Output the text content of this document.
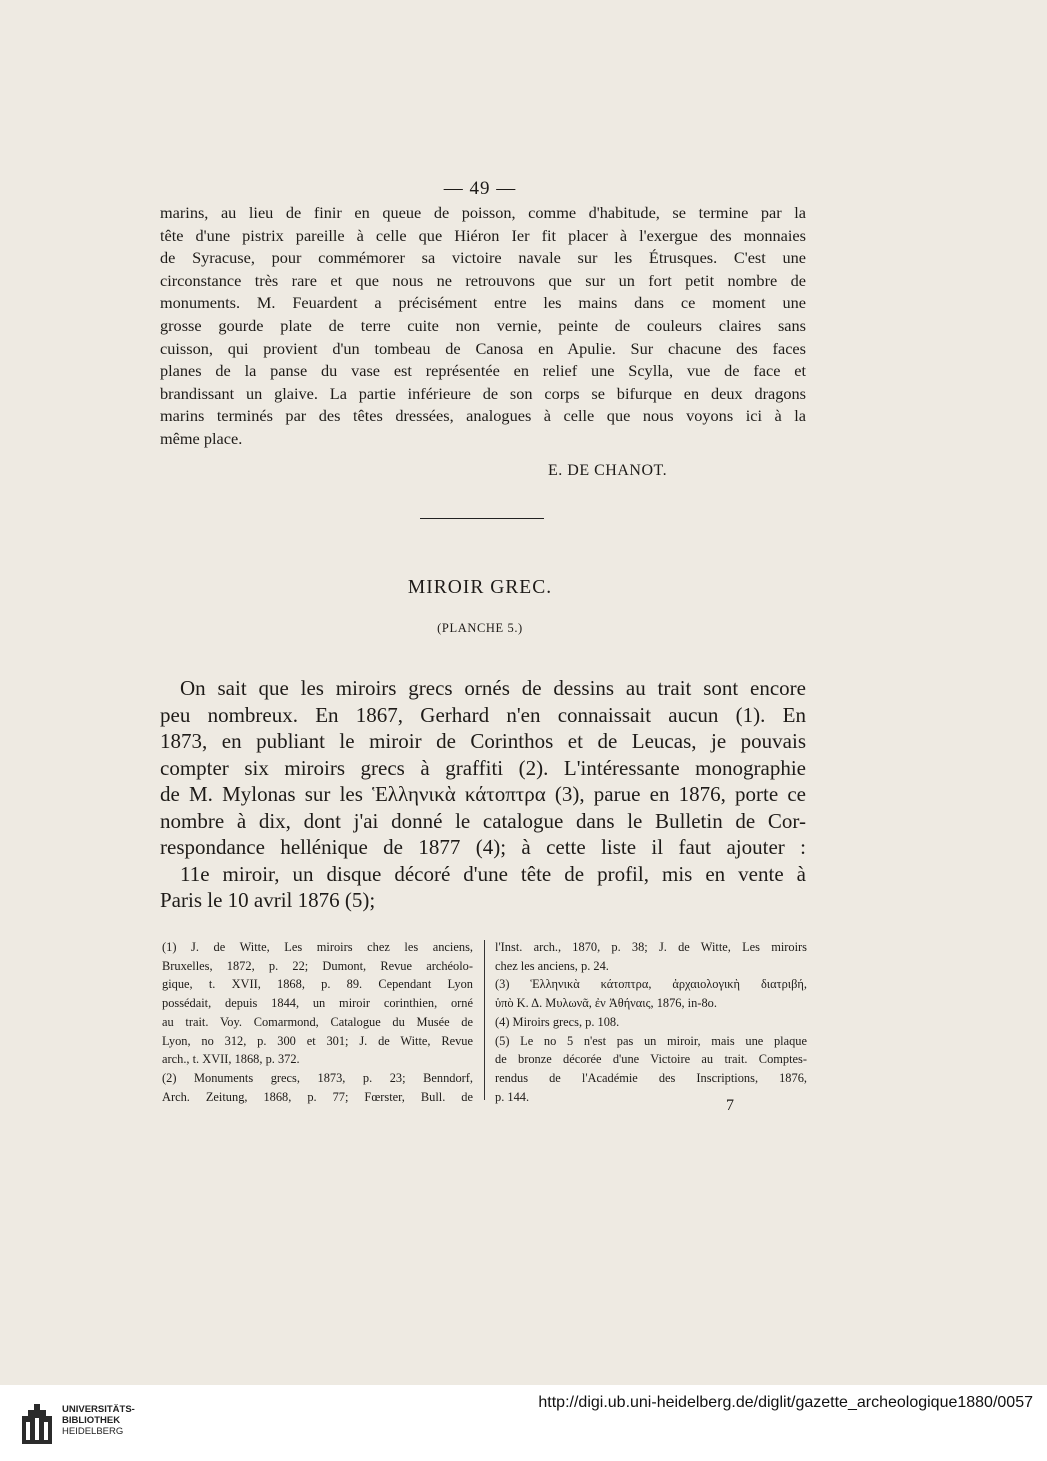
— 49 —
marins, au lieu de finir en queue de poisson, comme d'habitude, se termine par la
tête d'une pistrix pareille à celle que Hiéron Ier fit placer à l'exergue des monnaies
de Syracuse, pour commémorer sa victoire navale sur les Étrusques. C'est une
circonstance très rare et que nous ne retrouvons que sur un fort petit nombre de
monuments. M. Feuardent a précisément entre les mains dans ce moment une
grosse gourde plate de terre cuite non vernie, peinte de couleurs claires sans
cuisson, qui provient d'un tombeau de Canosa en Apulie. Sur chacune des faces
planes de la panse du vase est représentée en relief une Scylla, vue de face et
brandissant un glaive. La partie inférieure de son corps se bifurque en deux dragons
marins terminés par des têtes dressées, analogues à celle que nous voyons ici à la
même place.
E. DE CHANOT.
MIROIR GREC.
(PLANCHE 5.)
On sait que les miroirs grecs ornés de dessins au trait sont encore
peu nombreux. En 1867, Gerhard n'en connaissait aucun (1). En
1873, en publiant le miroir de Corinthos et de Leucas, je pouvais
compter six miroirs grecs à graffiti (2). L'intéressante monographie
de M. Mylonas sur les Ἑλληνικὰ κάτοπτρα (3), parue en 1876, porte ce
nombre à dix, dont j'ai donné le catalogue dans le Bulletin de Cor-
respondance hellénique de 1877 (4); à cette liste il faut ajouter :
11e miroir, un disque décoré d'une tête de profil, mis en vente à
Paris le 10 avril 1876 (5);
(1) J. de Witte, Les miroirs chez les anciens,
Bruxelles, 1872, p. 22; Dumont, Revue archéolo-
gique, t. XVII, 1868, p. 89. Cependant Lyon
possédait, depuis 1844, un miroir corinthien, orné
au trait. Voy. Comarmond, Catalogue du Musée de
Lyon, no 312, p. 300 et 301; J. de Witte, Revue
arch., t. XVII, 1868, p. 372.
(2) Monuments grecs, 1873, p. 23; Benndorf,
Arch. Zeitung, 1868, p. 77; Fœrster, Bull. de
l'Inst. arch., 1870, p. 38; J. de Witte, Les miroirs
chez les anciens, p. 24.
(3) Ἑλληνικὰ κάτοπτρα, ἀρχαιολογικὴ διατριβή,
ὑπὸ Κ. Δ. Μυλωνᾶ, ἐν Ἀθήναις, 1876, in-8o.
(4) Miroirs grecs, p. 108.
(5) Le no 5 n'est pas un miroir, mais une plaque
de bronze décorée d'une Victoire au trait. Comptes-
rendus de l'Académie des Inscriptions, 1876,
p. 144.
7
UNIVERSITÄTS-
BIBLIOTHEK
HEIDELBERG
http://digi.ub.uni-heidelberg.de/diglit/gazette_archeologique1880/0057
